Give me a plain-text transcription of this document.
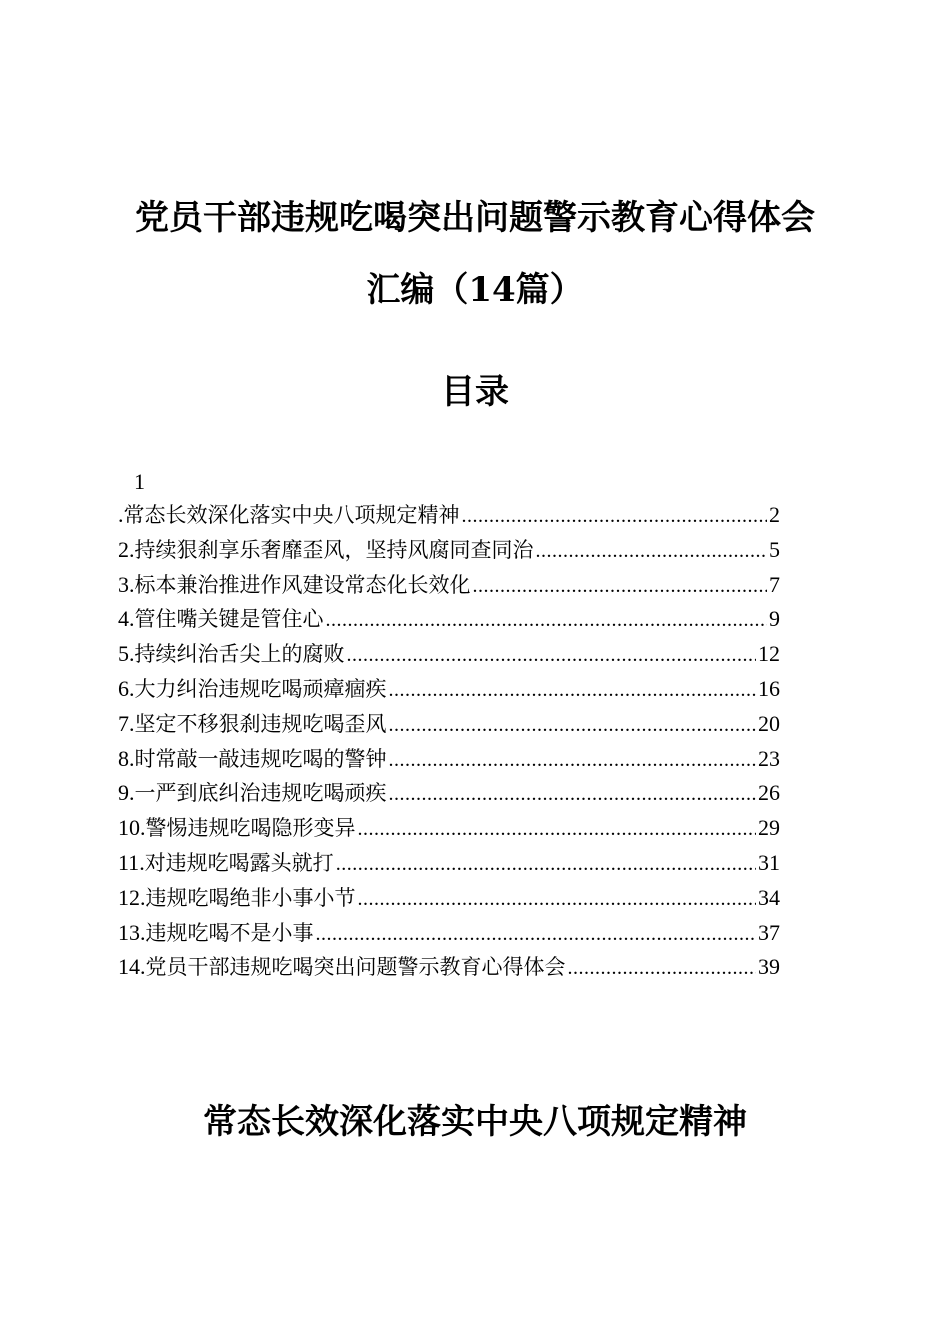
党员干部违规吃喝突出问题警示教育心得体会
汇编（14篇）
目录
1
. 常态长效深化落实中央八项规定精神 .....	2
2 . 持续狠刹享乐奢靡歪风，坚持风腐同查同治 .....	5
3 . 标本兼治推进作风建设常态化长效化 .....	7
4 . 管住嘴关键是管住心 .....	9
5 . 持续纠治舌尖上的腐败 .....	12
6 . 大力纠治违规吃喝顽瘴痼疾 .....	16
7 . 坚定不移狠刹违规吃喝歪风 .....	20
8 . 时常敲一敲违规吃喝的警钟 .....	23
9 . 一严到底纠治违规吃喝顽疾 .....	26
10 . 警惕违规吃喝隐形变异 .....	29
11 . 对违规吃喝露头就打 .....	31
12 . 违规吃喝绝非小事小节 .....	34
13 . 违规吃喝不是小事 .....	37
14 . 党员干部违规吃喝突出问题警示教育心得体会 .....	39
常态长效深化落实中央八项规定精神
